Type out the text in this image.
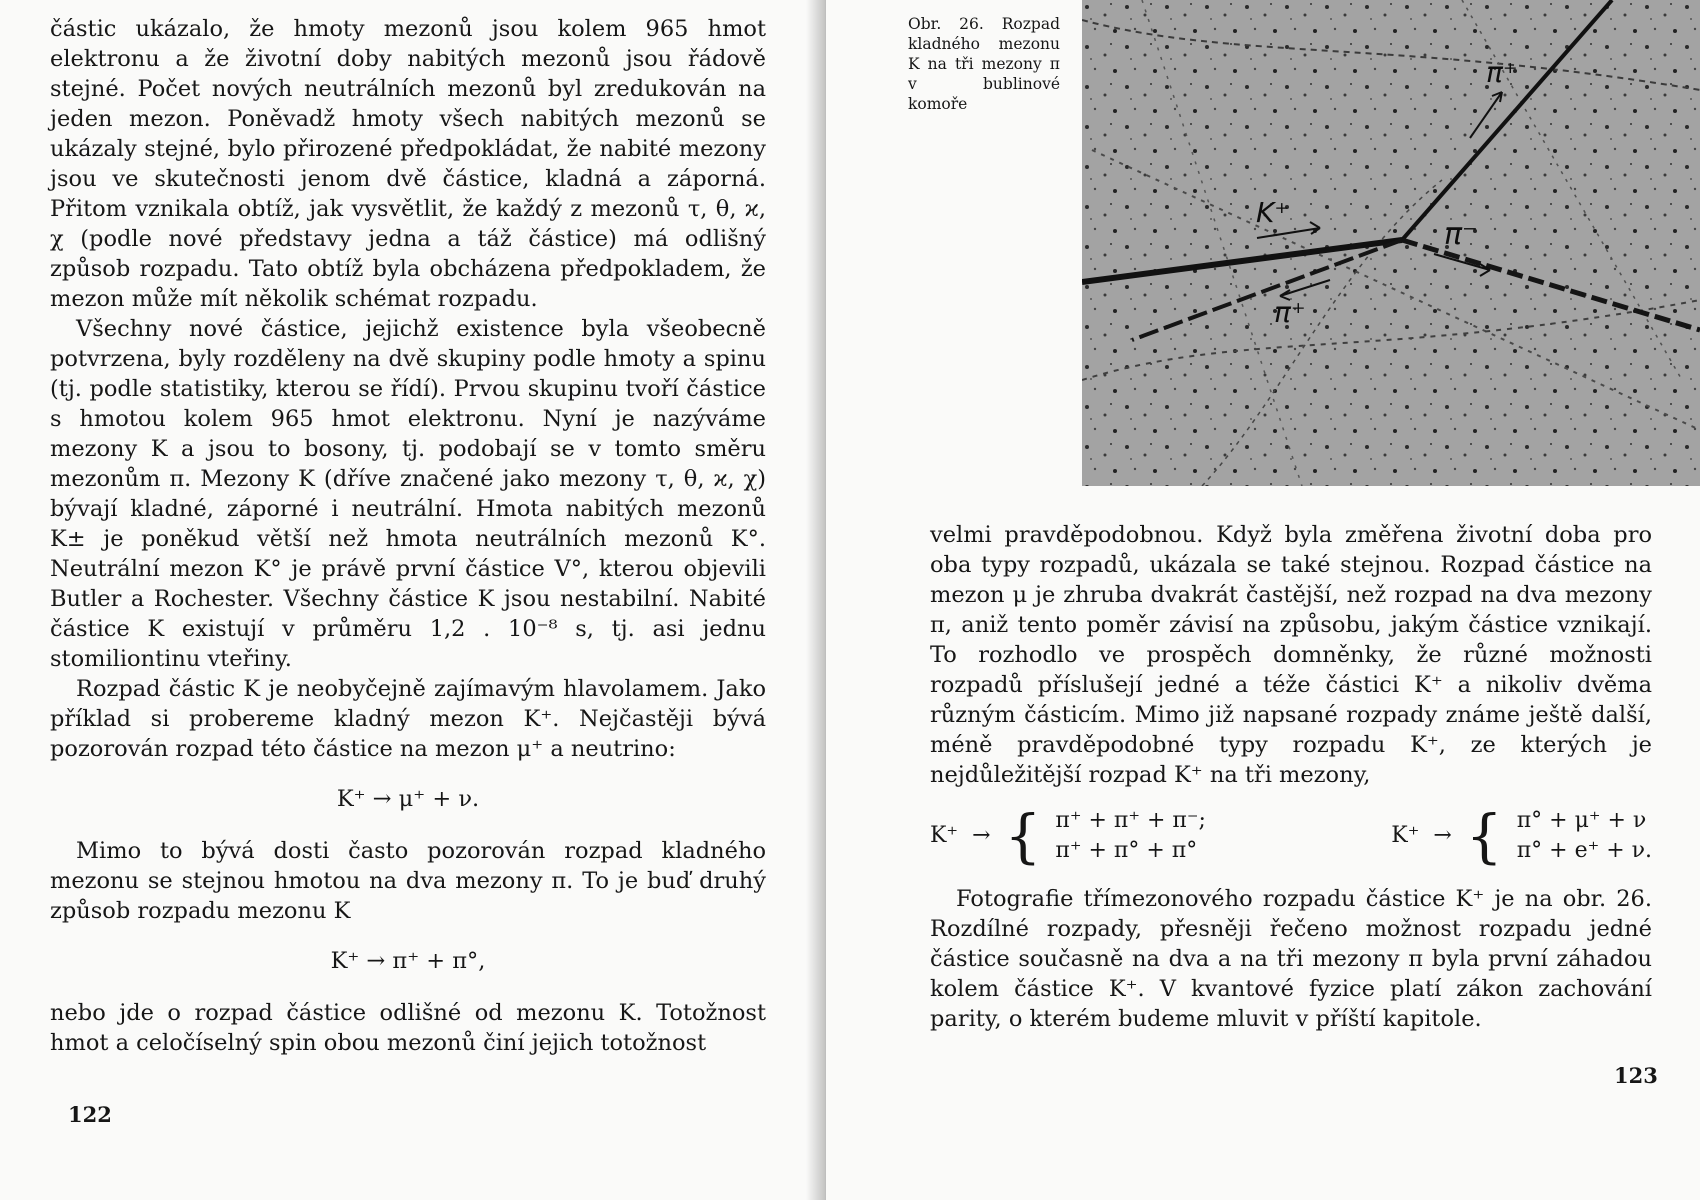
částic ukázalo, že hmoty mezonů jsou kolem 965 hmot elektronu a že životní doby nabitých mezonů jsou řádově stejné. Počet nových neutrálních mezonů byl zredukován na jeden mezon. Poněvadž hmoty všech nabitých mezonů se ukázaly stejné, bylo přirozené předpokládat, že nabité mezony jsou ve skutečnosti jenom dvě částice, kladná a záporná. Přitom vznikala obtíž, jak vysvětlit, že každý z mezonů τ, θ, ϰ, χ (podle nové představy jedna a táž částice) má odlišný způsob rozpadu. Tato obtíž byla obcházena předpokladem, že mezon může mít několik schémat rozpadu.

Všechny nové částice, jejichž existence byla všeobecně potvrzena, byly rozděleny na dvě skupiny podle hmoty a spinu (tj. podle statistiky, kterou se řídí). Prvou skupinu tvoří částice s hmotou kolem 965 hmot elektronu. Nyní je nazýváme mezony K a jsou to bosony, tj. podobají se v tomto směru mezonům π. Mezony K (dříve značené jako mezony τ, θ, ϰ, χ) bývají kladné, záporné i neutrální. Hmota nabitých mezonů K± je poněkud větší než hmota neutrálních mezonů K°. Neutrální mezon K° je právě první částice V°, kterou objevili Butler a Rochester. Všechny částice K jsou nestabilní. Nabité částice K existují v průměru 1,2 . 10⁻⁸ s, tj. asi jednu stomiliontinu vteřiny.

Rozpad částic K je neobyčejně zajímavým hlavolamem. Jako příklad si probereme kladný mezon K⁺. Nejčastěji bývá pozorován rozpad této částice na mezon μ⁺ a neutrino:

K⁺ → μ⁺ + ν.

Mimo to bývá dosti často pozorován rozpad kladného mezonu se stejnou hmotou na dva mezony π. To je buď druhý způsob rozpadu mezonu K

K⁺ → π⁺ + π°,

nebo jde o rozpad částice odlišné od mezonu K. Totožnost hmot a celočíselný spin obou mezonů činí jejich totožnost

122
Obr. 26. Rozpad kladného mezonu K na tři mezony π v bublinové komoře
K⁺
π⁺
π⁻
π⁺

velmi pravděpodobnou. Když byla změřena životní doba pro oba typy rozpadů, ukázala se také stejnou. Rozpad částice na mezon μ je zhruba dvakrát častější, než rozpad na dva mezony π, aniž tento poměr závisí na způsobu, jakým částice vznikají. To rozhodlo ve prospěch domněnky, že různé možnosti rozpadů příslušejí jedné a téže částici K⁺ a nikoliv dvěma různým částicím. Mimo již napsané rozpady známe ještě další, méně pravděpodobné typy rozpadu K⁺, ze kterých je nejdůležitější rozpad K⁺ na tři mezony,

K⁺ → { π⁺ + π⁺ + π⁻;
π⁺ + π° + π°
K⁺ → { π° + μ⁺ + ν
π° + e⁺ + ν.

Fotografie třímezonového rozpadu částice K⁺ je na obr. 26. Rozdílné rozpady, přesněji řečeno možnost rozpadu jedné částice současně na dva a na tři mezony π byla první záhadou kolem částice K⁺. V kvantové fyzice platí zákon zachování parity, o kterém budeme mluvit v příští kapitole.

123
